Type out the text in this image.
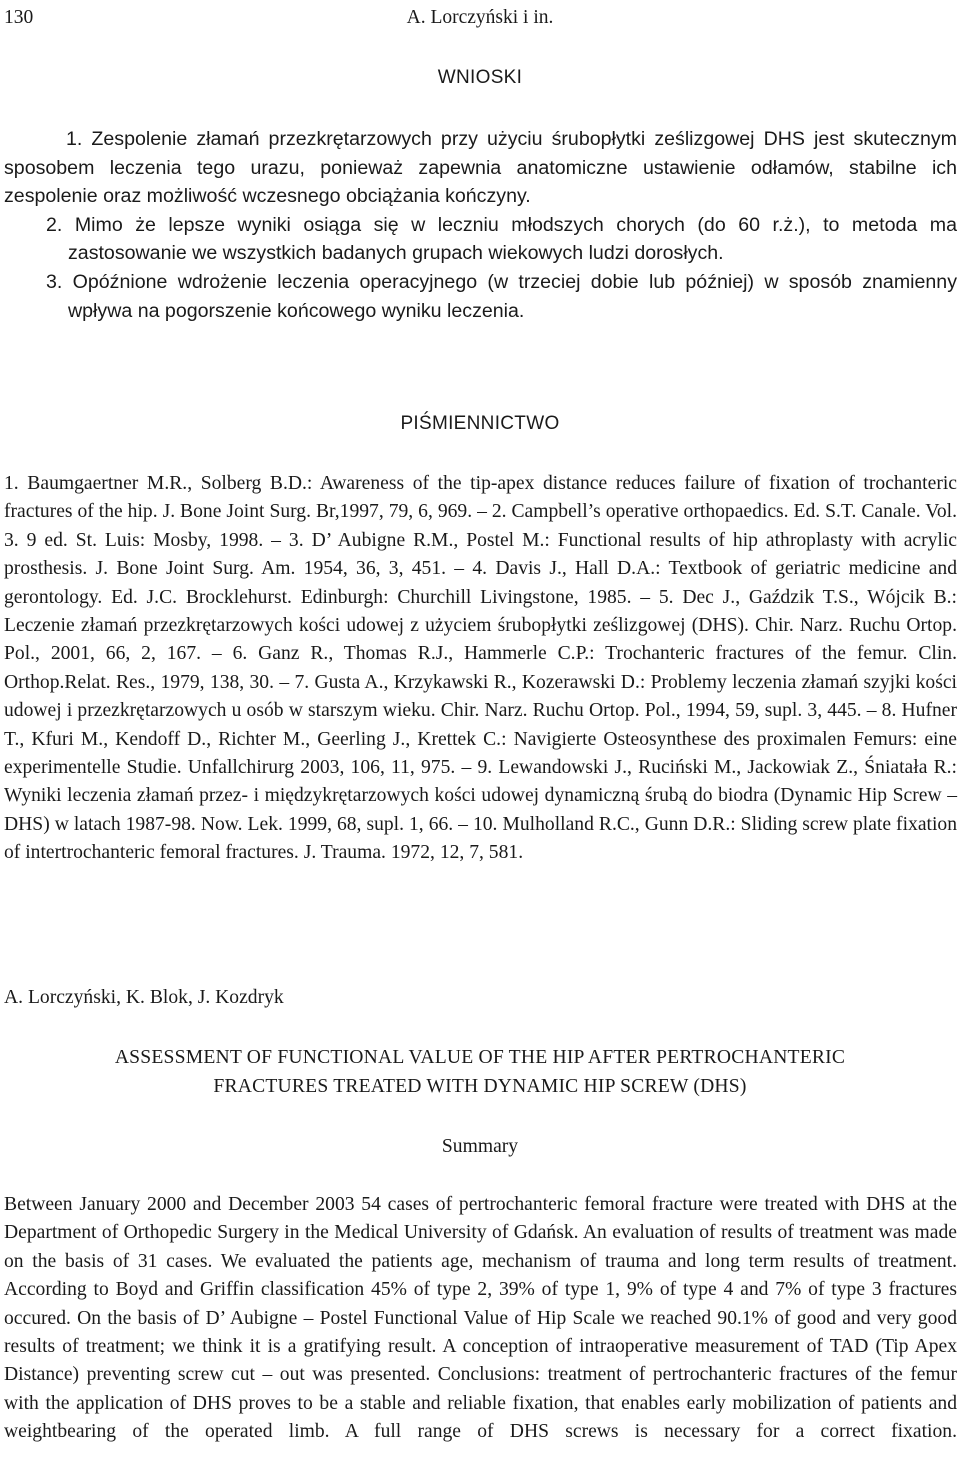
130	A. Lorczyński i in.
WNIOSKI

1. Zespolenie złamań przezkrętarzowych przy użyciu śrubopłytki ześlizgowej DHS jest skutecznym sposobem leczenia tego urazu, ponieważ zapewnia anatomiczne ustawienie odłamów, stabilne ich zespolenie oraz możliwość wczesnego obciążania kończyny.

2. Mimo że lepsze wyniki osiąga się w leczniu młodszych chorych (do 60 r.ż.), to metoda ma zastosowanie we wszystkich badanych grupach wiekowych ludzi dorosłych.

3. Opóźnione wdrożenie leczenia operacyjnego (w trzeciej dobie lub później) w sposób znamienny wpływa na pogorszenie końcowego wyniku leczenia.

PIŚMIENNICTWO

1. Baumgaertner M.R., Solberg B.D.: Awareness of the tip-apex distance reduces failure of fixation of trochanteric fractures of the hip. J. Bone Joint Surg. Br,1997, 79, 6, 969. – 2. Campbell’s operative orthopaedics. Ed. S.T. Canale. Vol. 3. 9 ed. St. Luis: Mosby, 1998. – 3. D’ Aubigne R.M., Postel M.: Functional results of hip athroplasty with acrylic prosthesis. J. Bone Joint Surg. Am. 1954, 36, 3, 451. – 4. Davis J., Hall D.A.: Textbook of geriatric medicine and gerontology. Ed. J.C. Brocklehurst. Edinburgh: Churchill Livingstone, 1985. – 5. Dec J., Gaździk T.S., Wójcik B.: Leczenie złamań przezkrętarzowych kości udowej z użyciem śrubopłytki ześlizgowej (DHS). Chir. Narz. Ruchu Ortop. Pol., 2001, 66, 2, 167. – 6. Ganz R., Thomas R.J., Hammerle C.P.: Trochanteric fractures of the femur. Clin. Orthop.Relat. Res., 1979, 138, 30. – 7. Gusta A., Krzykawski R., Kozerawski D.: Problemy leczenia złamań szyjki kości udowej i przezkrętarzowych u osób w starszym wieku. Chir. Narz. Ruchu Ortop. Pol., 1994, 59, supl. 3, 445. – 8. Hufner T., Kfuri M., Kendoff D., Richter M., Geerling J., Krettek C.: Navigierte Osteosynthese des proximalen Femurs: eine experimentelle Studie. Unfallchirurg 2003, 106, 11, 975. – 9. Lewandowski J., Ruciński M., Jackowiak Z., Śniatała R.: Wyniki leczenia złamań przez- i międzykrętarzowych kości udowej dynamiczną śrubą do biodra (Dynamic Hip Screw – DHS) w latach 1987-98. Now. Lek. 1999, 68, supl. 1, 66. – 10. Mulholland R.C., Gunn D.R.: Sliding screw plate fixation of intertrochanteric femoral fractures. J. Trauma. 1972, 12, 7, 581.

A. Lorczyński, K. Blok, J. Kozdryk
ASSESSMENT OF FUNCTIONAL VALUE OF THE HIP AFTER PERTROCHANTERIC
FRACTURES TREATED WITH DYNAMIC HIP SCREW (DHS)
Summary

Between January 2000 and December 2003 54 cases of pertrochanteric femoral fracture were treated with DHS at the Department of Orthopedic Surgery in the Medical University of Gdańsk. An evaluation of results of treatment was made on the basis of 31 cases. We evaluated the patients age, mechanism of trauma and long term results of treatment. According to Boyd and Griffin classification 45% of type 2, 39% of type 1, 9% of type 4 and 7% of type 3 fractures occured. On the basis of D’ Aubigne – Postel Functional Value of Hip Scale we reached 90.1% of good and very good results of treatment; we think it is a gratifying result. A conception of intraoperative measurement of TAD (Tip Apex Distance) preventing screw cut – out was presented. Conclusions: treatment of pertrochanteric fractures of the femur with the application of DHS proves to be a stable and reliable fixation, that enables early mobilization of patients and weightbearing of the operated limb. A full range of DHS screws is necessary for a correct fixation.
